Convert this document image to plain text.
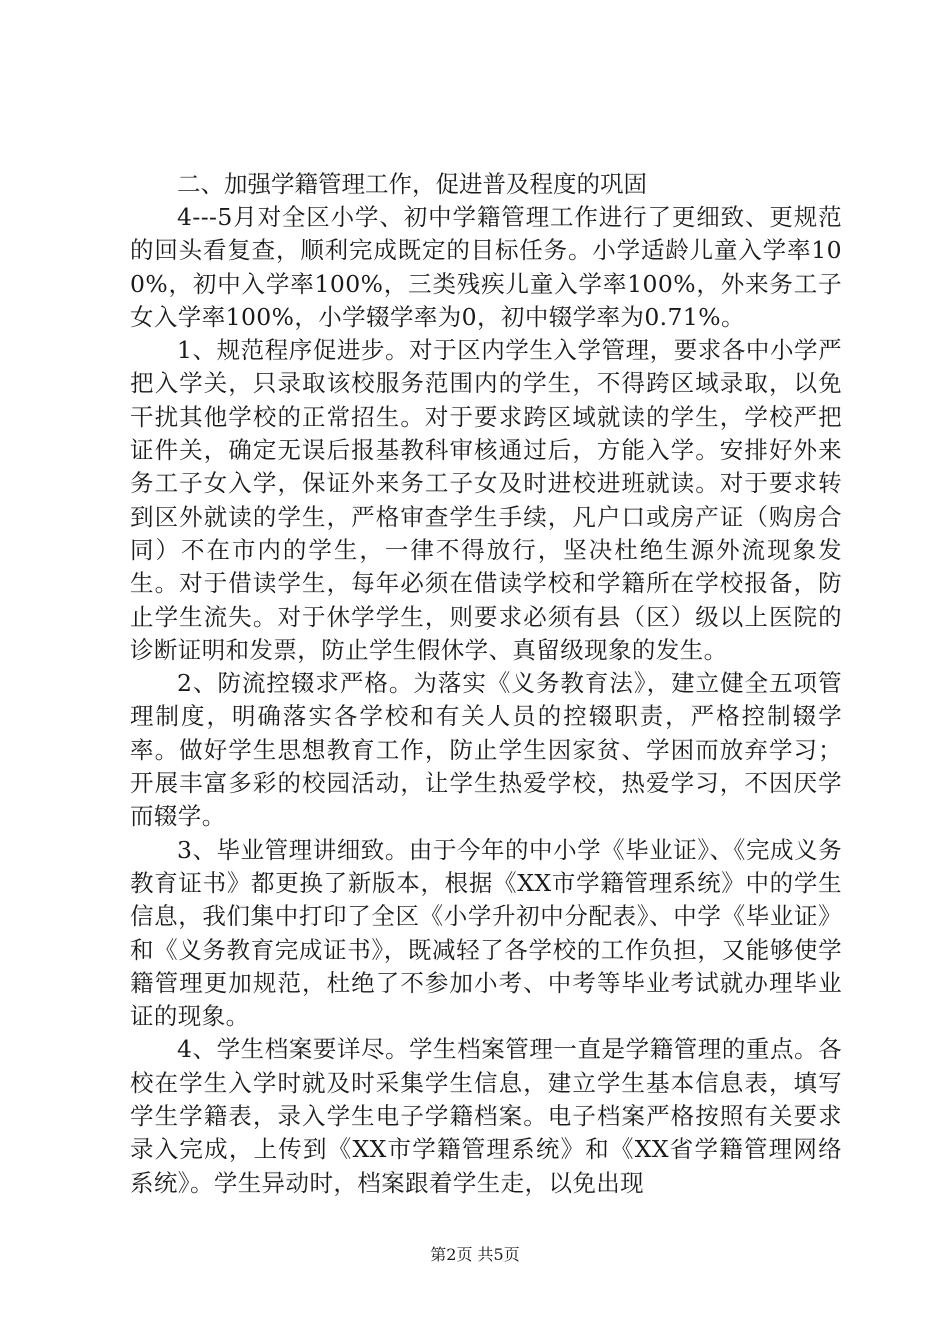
二、加强学籍管理工作，促进普及程度的巩固

4---5月对全区小学、初中学籍管理工作进行了更细致、更规范的回头看复查，顺利完成既定的目标任务。小学适龄儿童入学率100%，初中入学率100%，三类残疾儿童入学率100%，外来务工子女入学率100%，小学辍学率为0，初中辍学率为0.71%。

1、规范程序促进步。对于区内学生入学管理，要求各中小学严把入学关，只录取该校服务范围内的学生，不得跨区域录取，以免干扰其他学校的正常招生。对于要求跨区域就读的学生，学校严把证件关，确定无误后报基教科审核通过后，方能入学。安排好外来务工子女入学，保证外来务工子女及时进校进班就读。对于要求转到区外就读的学生，严格审查学生手续，凡户口或房产证（购房合同）不在市内的学生，一律不得放行，坚决杜绝生源外流现象发生。对于借读学生，每年必须在借读学校和学籍所在学校报备，防止学生流失。对于休学学生，则要求必须有县（区）级以上医院的诊断证明和发票，防止学生假休学、真留级现象的发生。

2、防流控辍求严格。为落实《义务教育法》，建立健全五项管理制度，明确落实各学校和有关人员的控辍职责，严格控制辍学率。做好学生思想教育工作，防止学生因家贫、学困而放弃学习；开展丰富多彩的校园活动，让学生热爱学校，热爱学习，不因厌学而辍学。

3、毕业管理讲细致。由于今年的中小学《毕业证》、《完成义务教育证书》都更换了新版本，根据《XX市学籍管理系统》中的学生信息，我们集中打印了全区《小学升初中分配表》、中学《毕业证》和《义务教育完成证书》，既减轻了各学校的工作负担，又能够使学籍管理更加规范，杜绝了不参加小考、中考等毕业考试就办理毕业证的现象。

4、学生档案要详尽。学生档案管理一直是学籍管理的重点。各校在学生入学时就及时采集学生信息，建立学生基本信息表，填写学生学籍表，录入学生电子学籍档案。电子档案严格按照有关要求录入完成，上传到《XX市学籍管理系统》和《XX省学籍管理网络系统》。学生异动时，档案跟着学生走，以免出现

第2页 共5页
